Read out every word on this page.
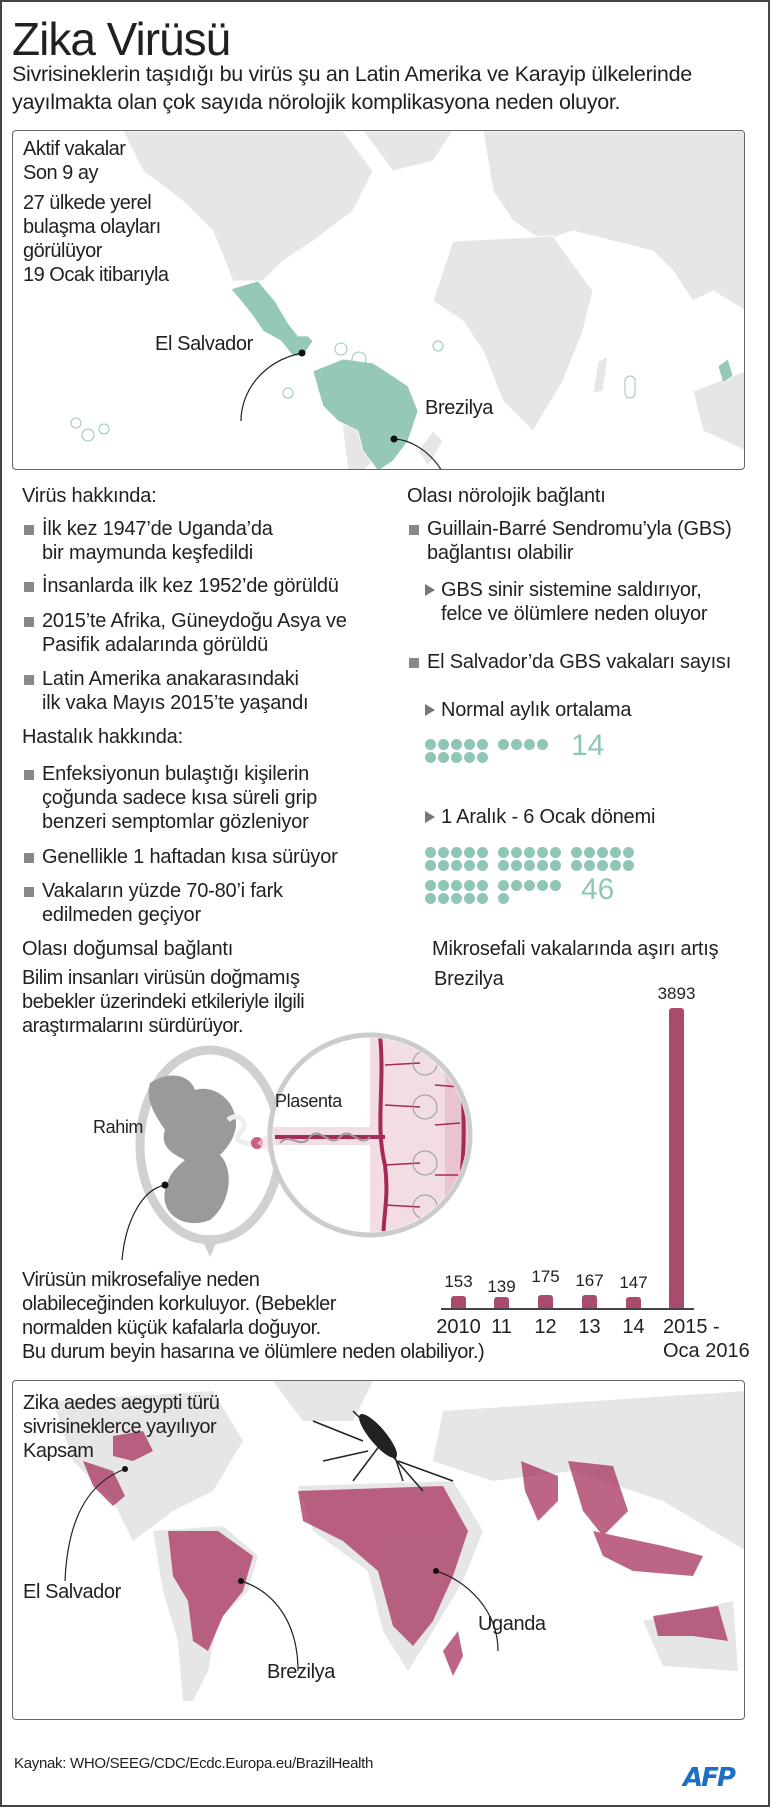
Zika Virüsü
Sivrisineklerin taşıdığı bu virüs şu an Latin Amerika ve Karayip ülkelerinde yayılmakta olan çok sayıda nörolojik komplikasyona neden oluyor.
Aktif vakalar
Son 9 ay
27 ülkede yerel
bulaşma olayları
görülüyor
19 Ocak itibarıyla
El Salvador
Brezilya
Virüs hakkında:
İlk kez 1947’de Uganda’da
bir maymunda keşfedildi
İnsanlarda ilk kez 1952’de görüldü
2015’te Afrika, Güneydoğu Asya ve
Pasifik adalarında görüldü
Latin Amerika anakarasındaki
ilk vaka Mayıs 2015’te yaşandı
Hastalık hakkında:
Enfeksiyonun bulaştığı kişilerin
çoğunda sadece kısa süreli grip
benzeri semptomlar gözleniyor
Genellikle 1 haftadan kısa sürüyor
Vakaların yüzde 70-80’i fark
edilmeden geçiyor
Olası nörolojik bağlantı
Guillain-Barré Sendromu’yla (GBS)
bağlantısı olabilir
GBS sinir sistemine saldırıyor,
felce ve ölümlere neden oluyor
El Salvador’da GBS vakaları sayısı
Normal aylık ortalama
14
1 Aralık - 6 Ocak dönemi
46
Olası doğumsal bağlantı
Bilim insanları virüsün doğmamış
bebekler üzerindeki etkileriyle ilgili
araştırmalarını sürdürüyor.
Rahim
Plasenta
Virüsün mikrosefaliye neden
olabileceğinden korkuluyor. (Bebekler
normalden küçük kafalarla doğuyor.
Bu durum beyin hasarına ve ölümlere neden olabiliyor.)
Mikrosefali vakalarında aşırı artış
Brezilya
153
2010
139
11
175
12
167
13
147
14
3893
2015 -
Oca 2016
Zika aedes aegypti türü
sivrisineklerce yayılıyor
Kapsam
El Salvador
Brezilya
Uganda
Kaynak: WHO/SEEG/CDC/Ecdc.Europa.eu/BrazilHealth	AFP
